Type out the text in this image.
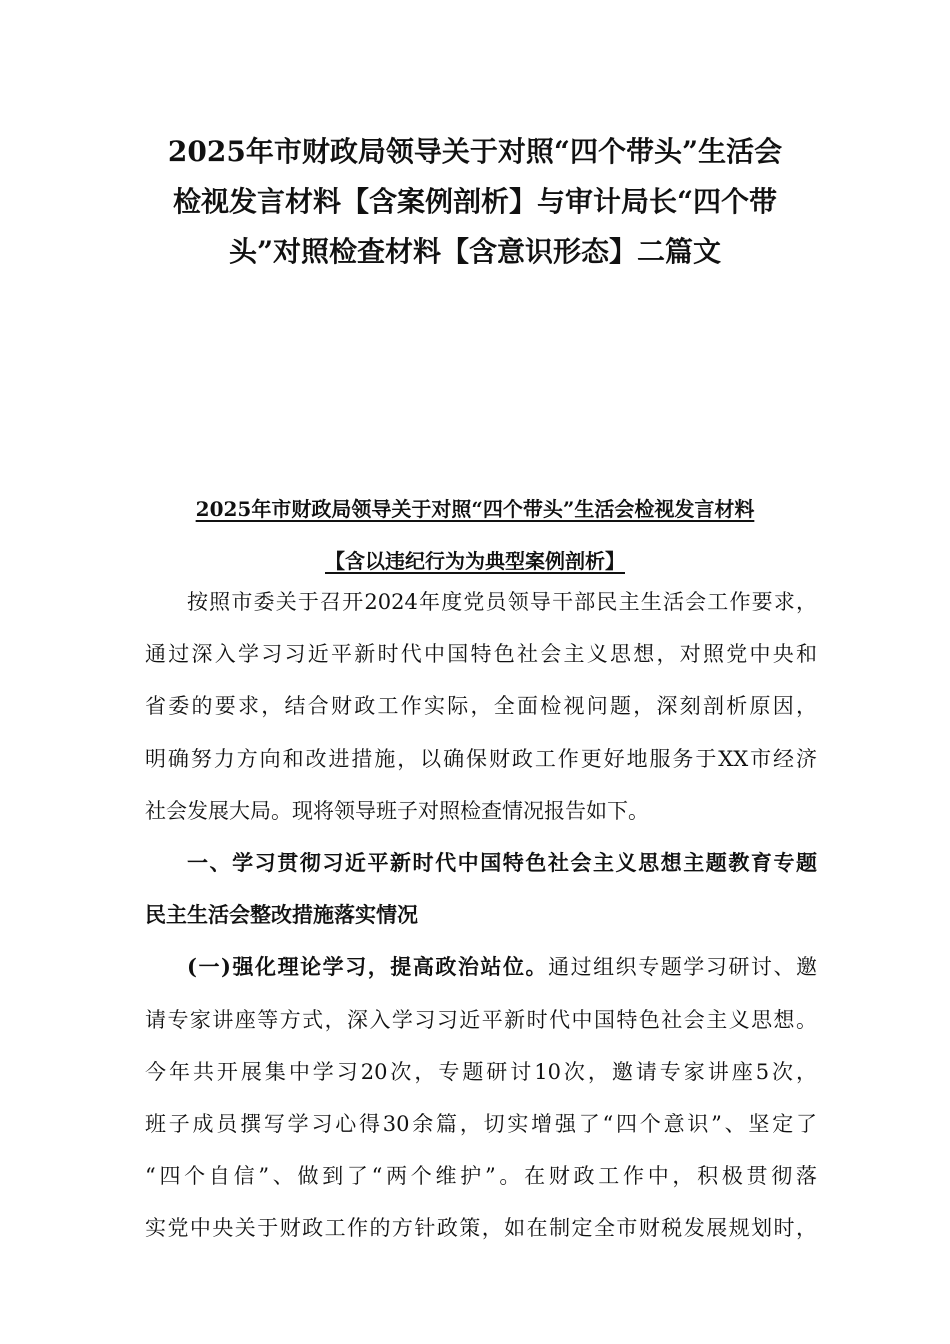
2025年市财政局领导关于对照“四个带头”生活会
检视发言材料【含案例剖析】与审计局长“四个带
头”对照检查材料【含意识形态】二篇文
2025年市财政局领导关于对照“四个带头”生活会检视发言材料
【含以违纪行为为典型案例剖析】
按照市委关于召开2024年度党员领导干部民主生活会工作要求，
通过深入学习习近平新时代中国特色社会主义思想，对照党中央和
省委的要求，结合财政工作实际，全面检视问题，深刻剖析原因，
明确努力方向和改进措施，以确保财政工作更好地服务于XX市经济
社会发展大局。现将领导班子对照检查情况报告如下。
一、学习贯彻习近平新时代中国特色社会主义思想主题教育专题
民主生活会整改措施落实情况
(一)强化理论学习，提高政治站位。通过组织专题学习研讨、邀
请专家讲座等方式，深入学习习近平新时代中国特色社会主义思想。
今年共开展集中学习20次，专题研讨10次，邀请专家讲座5次，
班子成员撰写学习心得30余篇，切实增强了“四个意识”、坚定了
“四个自信”、做到了“两个维护”。在财政工作中，积极贯彻落
实党中央关于财政工作的方针政策，如在制定全市财税发展规划时，
